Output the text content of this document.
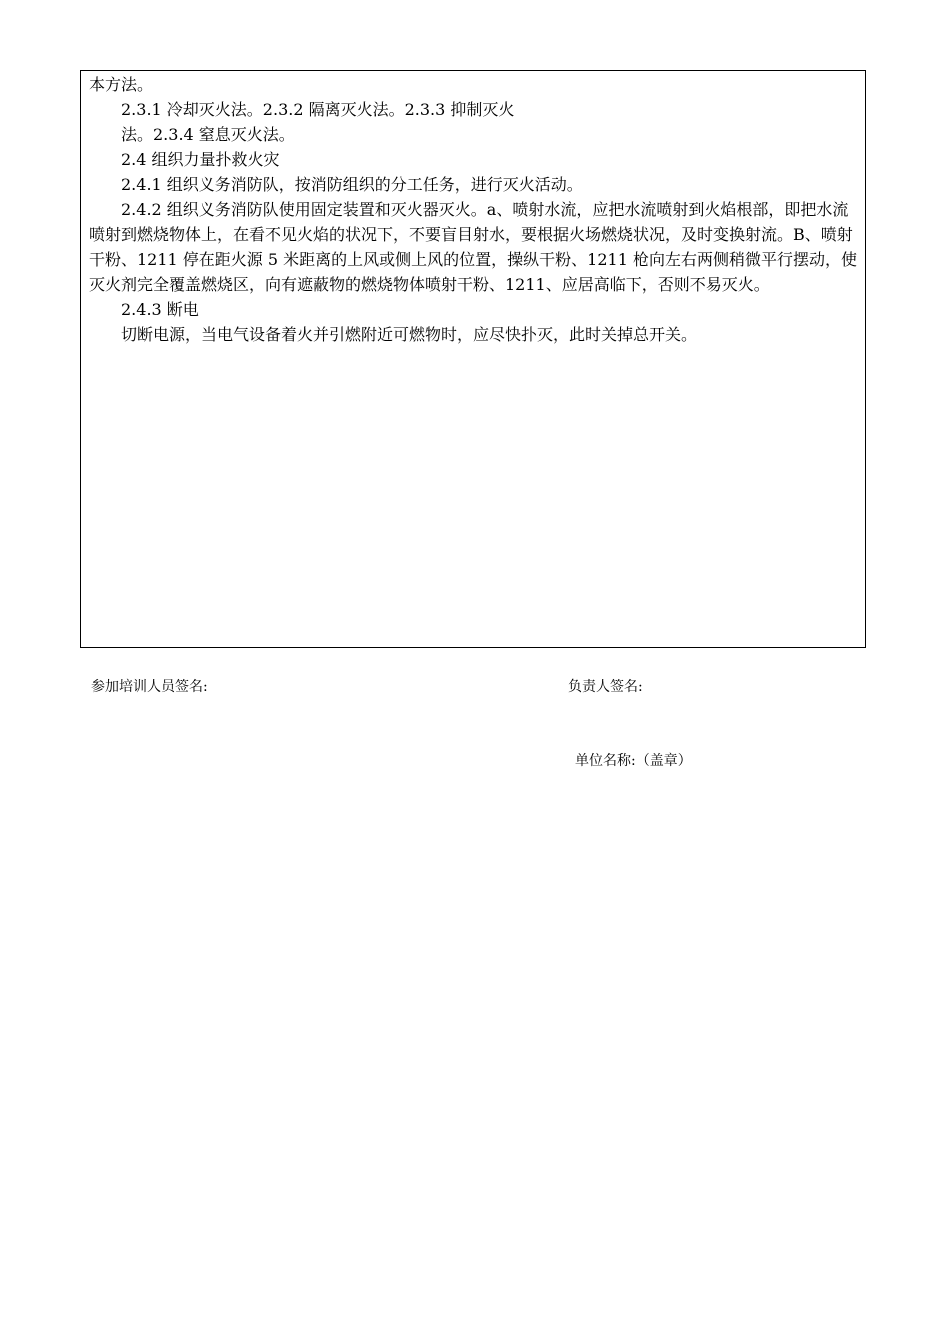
本方法。

2.3.1 冷却灭火法。2.3.2 隔离灭火法。2.3.3 抑制灭火

法。2.3.4 窒息灭火法。

2.4 组织力量扑救火灾

2.4.1 组织义务消防队，按消防组织的分工任务，进行灭火活动。

2.4.2 组织义务消防队使用固定装置和灭火器灭火。a、喷射水流，应把水流喷射到火焰根部，即把水流喷射到燃烧物体上，在看不见火焰的状况下，不要盲目射水，要根据火场燃烧状况，及时变换射流。B、喷射干粉、1211 停在距火源 5 米距离的上风或侧上风的位置，操纵干粉、1211 枪向左右两侧稍微平行摆动，使灭火剂完全覆盖燃烧区，向有遮蔽物的燃烧物体喷射干粉、1211、应居高临下，否则不易灭火。

2.4.3 断电

切断电源，当电气设备着火并引燃附近可燃物时，应尽快扑灭，此时关掉总开关。

参加培训人员签名:	负责人签名:
单位名称:（盖章）
